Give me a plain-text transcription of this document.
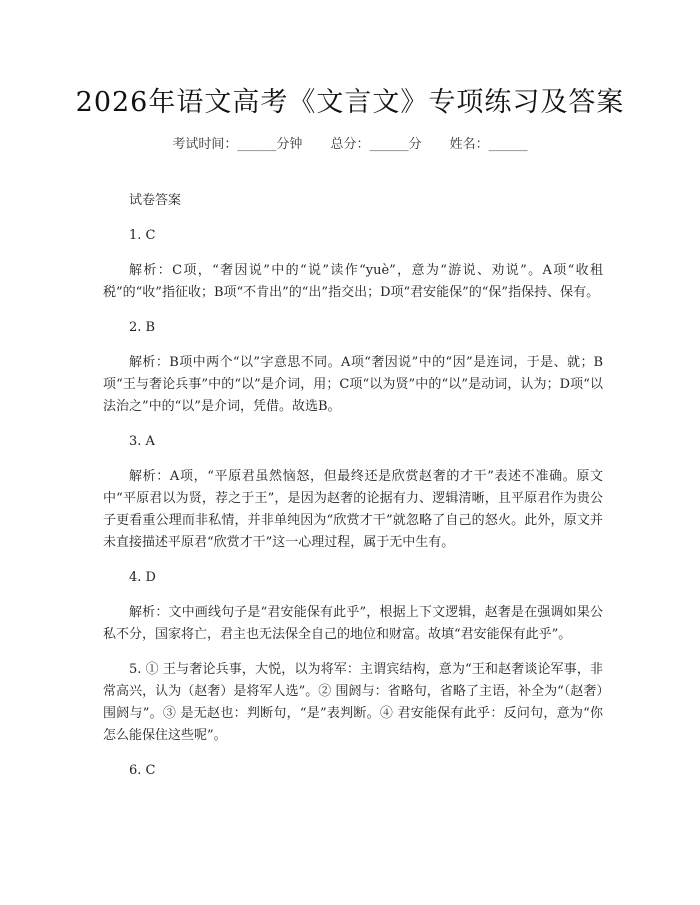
2026年语文高考《文言文》专项练习及答案
考试时间：______分钟 总分：______分 姓名：______

试卷答案

1. C

解析：C项，“奢因说”中的“说”读作“yuè”，意为“游说、劝说”。A项“收租税”的“收”指征收；B项“不肯出”的“出”指交出；D项“君安能保”的“保”指保持、保有。

2. B

解析：B项中两个“以”字意思不同。A项“奢因说”中的“因”是连词，于是、就；B项“王与奢论兵事”中的“以”是介词，用；C项“以为贤”中的“以”是动词，认为；D项“以法治之”中的“以”是介词，凭借。故选B。

3. A

解析：A项，“平原君虽然恼怒，但最终还是欣赏赵奢的才干”表述不准确。原文中“平原君以为贤，荐之于王”，是因为赵奢的论据有力、逻辑清晰，且平原君作为贵公子更看重公理而非私情，并非单纯因为“欣赏才干”就忽略了自己的怒火。此外，原文并未直接描述平原君“欣赏才干”这一心理过程，属于无中生有。

4. D

解析：文中画线句子是“君安能保有此乎”，根据上下文逻辑，赵奢是在强调如果公私不分，国家将亡，君主也无法保全自己的地位和财富。故填“君安能保有此乎”。

5. ① 王与奢论兵事，大悦，以为将军：主谓宾结构，意为“王和赵奢谈论军事，非常高兴，认为（赵奢）是将军人选”。② 围阏与：省略句，省略了主语，补全为“（赵奢）围阏与”。③ 是无赵也：判断句，“是”表判断。④ 君安能保有此乎：反问句，意为“你怎么能保住这些呢”。

6. C
